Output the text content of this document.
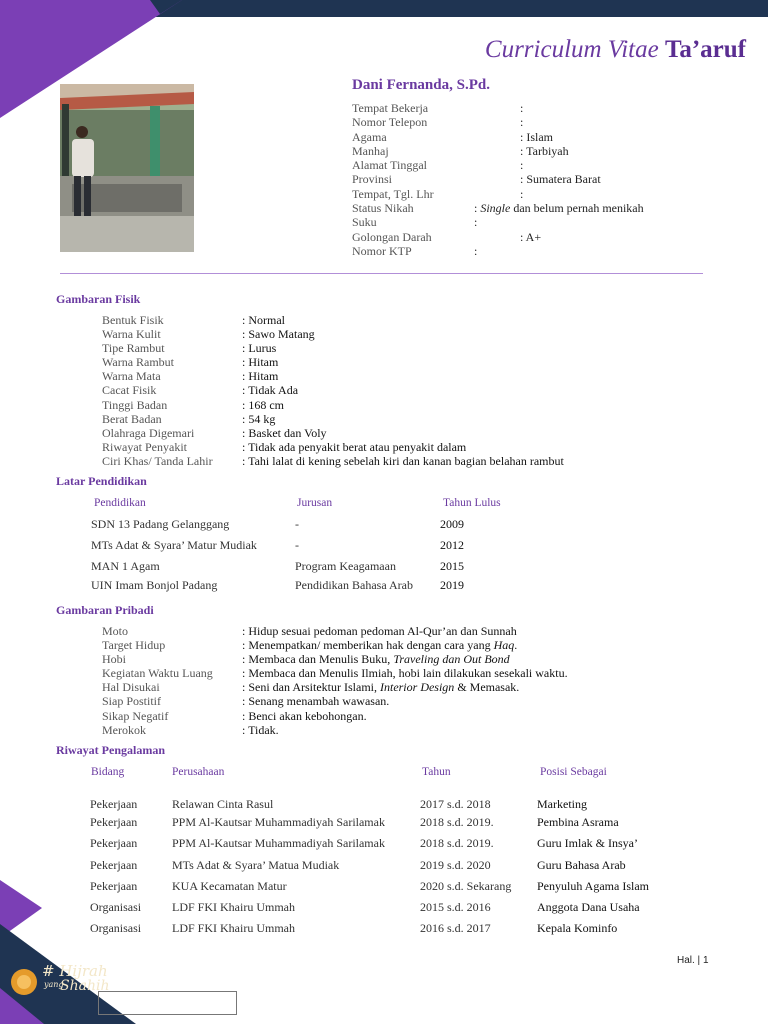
Curriculum Vitae Ta’aruf
Dani Fernanda, S.Pd.
Tempat Bekerja	:
Nomor Telepon	:
Agama	: Islam
Manhaj	: Tarbiyah
Alamat Tinggal	:
Provinsi	: Sumatera Barat
Tempat, Tgl. Lhr	:
Status Nikah	: Single dan belum pernah menikah
Suku	:
Golongan Darah	: A+
Nomor KTP	:
Gambaran Fisik
Bentuk Fisik	: Normal
Warna Kulit	: Sawo Matang
Tipe Rambut	: Lurus
Warna Rambut	: Hitam
Warna Mata	: Hitam
Cacat Fisik	: Tidak Ada
Tinggi Badan	: 168 cm
Berat Badan	: 54 kg
Olahraga Digemari	: Basket dan Voly
Riwayat Penyakit	: Tidak ada penyakit berat atau penyakit dalam
Ciri Khas/ Tanda Lahir : Tahi lalat di kening sebelah kiri dan kanan bagian belahan rambut
Latar Pendidikan
Pendidikan	Jurusan	Tahun Lulus
SDN 13 Padang Gelanggang	-	2009
MTs Adat & Syara’ Matur Mudiak	-	2012
MAN 1 Agam	Program Keagamaan	2015
UIN Imam Bonjol Padang	Pendidikan Bahasa Arab 2019
Gambaran Pribadi
Moto	: Hidup sesuai pedoman pedoman Al-Qur’an dan Sunnah
Target Hidup	: Menempatkan/ memberikan hak dengan cara yang Haq.
Hobi	: Membaca dan Menulis Buku, Traveling dan Out Bond
Kegiatan Waktu Luang : Membaca dan Menulis Ilmiah, hobi lain dilakukan sesekali waktu.
Hal Disukai	: Seni dan Arsitektur Islami, Interior Design & Memasak.
Siap Postitif	: Senang menambah wawasan.
Sikap Negatif	: Benci akan kebohongan.
Merokok	: Tidak.
Riwayat Pengalaman
Bidang	Perusahaan	Tahun	Posisi Sebagai
Pekerjaan	Relawan Cinta Rasul	2017 s.d. 2018	Marketing
Pekerjaan	PPM Al-Kautsar Muhammadiyah Sarilamak	2018 s.d. 2019.	Pembina Asrama
Pekerjaan	PPM Al-Kautsar Muhammadiyah Sarilamak	2018 s.d. 2019.	Guru Imlak & Insya’
Pekerjaan	MTs Adat & Syara’ Matua Mudiak	2019 s.d. 2020	Guru Bahasa Arab
Pekerjaan	KUA Kecamatan Matur	2020 s.d. Sekarang Penyuluh Agama Islam
Organisasi	LDF FKI Khairu Ummah	2015 s.d. 2016	Anggota Dana Usaha
Organisasi	LDF FKI Khairu Ummah	2016 s.d. 2017	Kepala Kominfo
Hal. | 1
# Hijrah
yang
Shahih
